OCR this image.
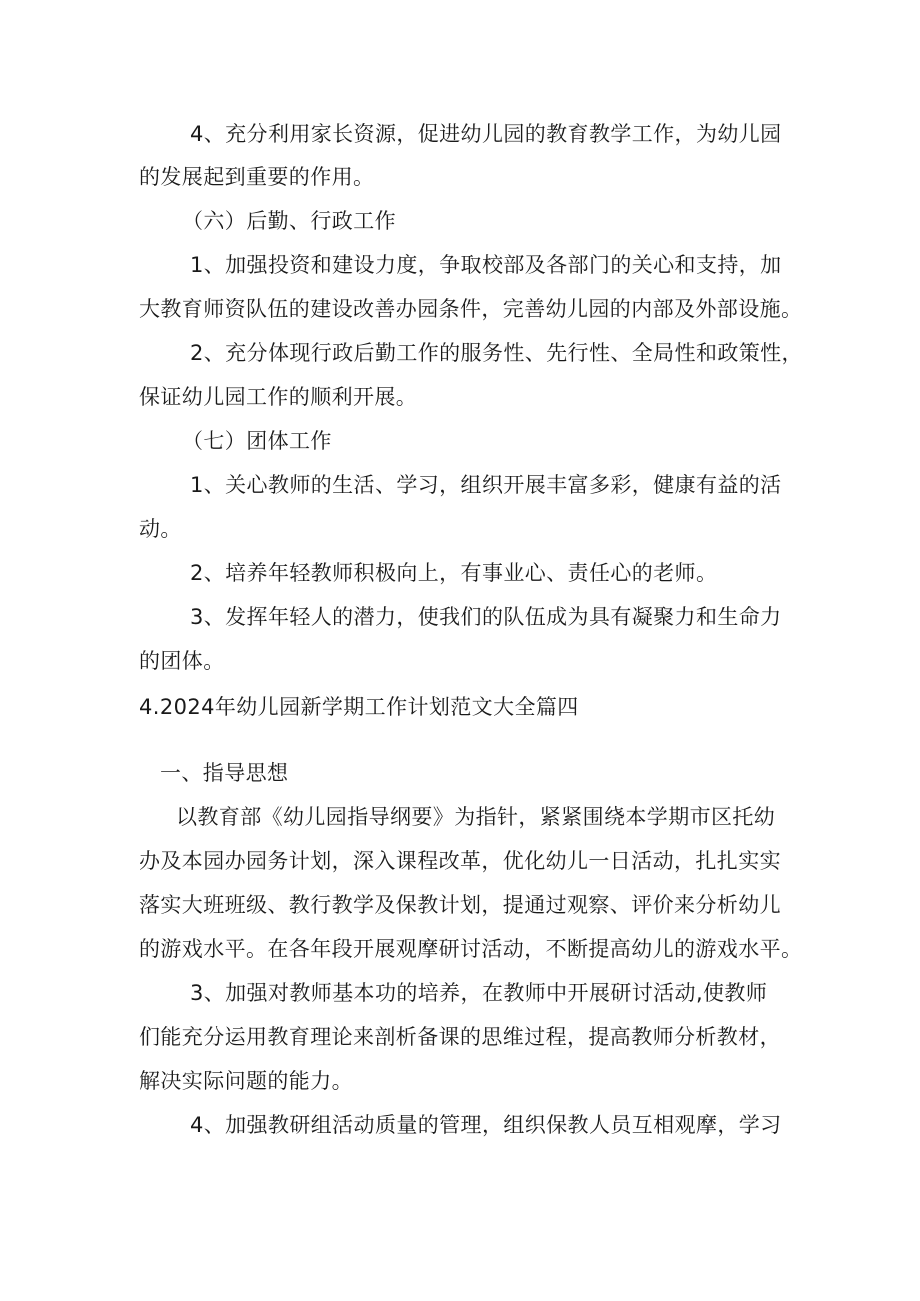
4、充分利用家长资源，促进幼儿园的教育教学工作，为幼儿园
的发展起到重要的作用。
（六）后勤、行政工作
1、加强投资和建设力度，争取校部及各部门的关心和支持，加
大教育师资队伍的建设改善办园条件，完善幼儿园的内部及外部设施。
2、充分体现行政后勤工作的服务性、先行性、全局性和政策性，
保证幼儿园工作的顺利开展。
（七）团体工作
1、关心教师的生活、学习，组织开展丰富多彩，健康有益的活
动。
2、培养年轻教师积极向上，有事业心、责任心的老师。
3、发挥年轻人的潜力，使我们的队伍成为具有凝聚力和生命力
的团体。
4.2024年幼儿园新学期工作计划范文大全篇四
一、指导思想
以教育部《幼儿园指导纲要》为指针，紧紧围绕本学期市区托幼
办及本园办园务计划，深入课程改革，优化幼儿一日活动，扎扎实实
落实大班班级、教行教学及保教计划，提通过观察、评价来分析幼儿
的游戏水平。在各年段开展观摩研讨活动，不断提高幼儿的游戏水平。
3、加强对教师基本功的培养，在教师中开展研讨活动,使教师
们能充分运用教育理论来剖析备课的思维过程，提高教师分析教材，
解决实际问题的能力。
4、加强教研组活动质量的管理，组织保教人员互相观摩，学习
